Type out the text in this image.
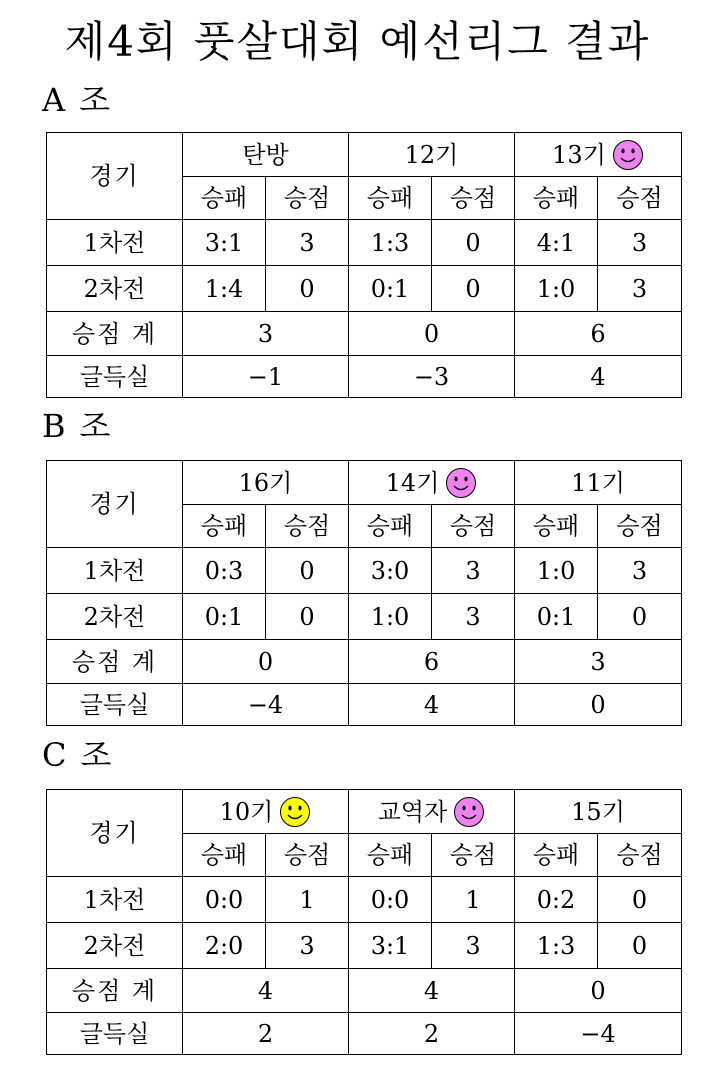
제4회 풋살대회 예선리그 결과
A 조
경기	탄방		12기		13기	

	승패	승점	승패	승점	승패	승점
1차전	3:1	3	1:3	0	4:1	3
2차전	1:4	0	0:1	0	1:0	3
승점 계	3		0		6	
글득실	−1		−3		4	
B 조
경기	16기		14기		11기	

	승패	승점	승패	승점	승패	승점
1차전	0:3	0	3:0	3	1:0	3
2차전	0:1	0	1:0	3	0:1	0
승점 계	0		6		3	
글득실	−4		4		0	
C 조
경기	10기		교역자		15기	

	승패	승점	승패	승점	승패	승점
1차전	0:0	1	0:0	1	0:2	0
2차전	2:0	3	3:1	3	1:3	0
승점 계	4		4		0	
글득실	2		2		−4	
